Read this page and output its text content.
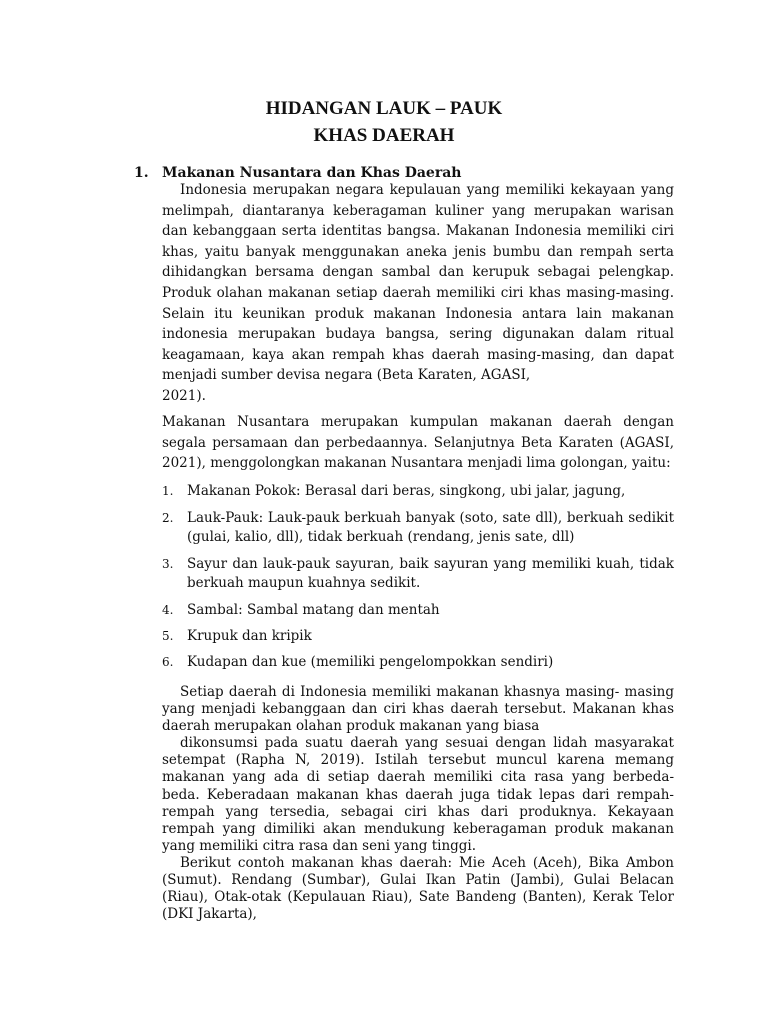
HIDANGAN LAUK – PAUK
KHAS DAERAH
1. Makanan Nusantara dan Khas Daerah

Indonesia merupakan negara kepulauan yang memiliki kekayaan yang melimpah, diantaranya keberagaman kuliner yang merupakan warisan dan kebanggaan serta identitas bangsa. Makanan Indonesia memiliki ciri khas, yaitu banyak menggunakan aneka jenis bumbu dan rempah serta dihidangkan bersama dengan sambal dan kerupuk sebagai pelengkap. Produk olahan makanan setiap daerah memiliki ciri khas masing-masing. Selain itu keunikan produk makanan Indonesia antara lain makanan indonesia merupakan budaya bangsa, sering digunakan dalam ritual keagamaan, kaya akan rempah khas daerah masing-masing, dan dapat menjadi sumber devisa negara (Beta Karaten, AGASI,
2021).

Makanan Nusantara merupakan kumpulan makanan daerah dengan segala persamaan dan perbedaannya. Selanjutnya Beta Karaten (AGASI, 2021), menggolongkan makanan Nusantara menjadi lima golongan, yaitu:

1. Makanan Pokok: Berasal dari beras, singkong, ubi jalar, jagung,
2. Lauk-Pauk: Lauk-pauk berkuah banyak (soto, sate dll), berkuah sedikit (gulai, kalio, dll), tidak berkuah (rendang, jenis sate, dll)
3. Sayur dan lauk-pauk sayuran, baik sayuran yang memiliki kuah, tidak berkuah maupun kuahnya sedikit.
4. Sambal: Sambal matang dan mentah
5. Krupuk dan kripik
6. Kudapan dan kue (memiliki pengelompokkan sendiri)

Setiap daerah di Indonesia memiliki makanan khasnya masing- masing yang menjadi kebanggaan dan ciri khas daerah tersebut. Makanan khas daerah merupakan olahan produk makanan yang biasa
dikonsumsi pada suatu daerah yang sesuai dengan lidah masyarakat setempat (Rapha N, 2019). Istilah tersebut muncul karena memang makanan yang ada di setiap daerah memiliki cita rasa yang berbeda- beda. Keberadaan makanan khas daerah juga tidak lepas dari rempah- rempah yang tersedia, sebagai ciri khas dari produknya. Kekayaan rempah yang dimiliki akan mendukung keberagaman produk makanan yang memiliki citra rasa dan seni yang tinggi.
Berikut contoh makanan khas daerah: Mie Aceh (Aceh), Bika Ambon (Sumut). Rendang (Sumbar), Gulai Ikan Patin (Jambi), Gulai Belacan (Riau), Otak-otak (Kepulauan Riau), Sate Bandeng (Banten), Kerak Telor (DKI Jakarta),
